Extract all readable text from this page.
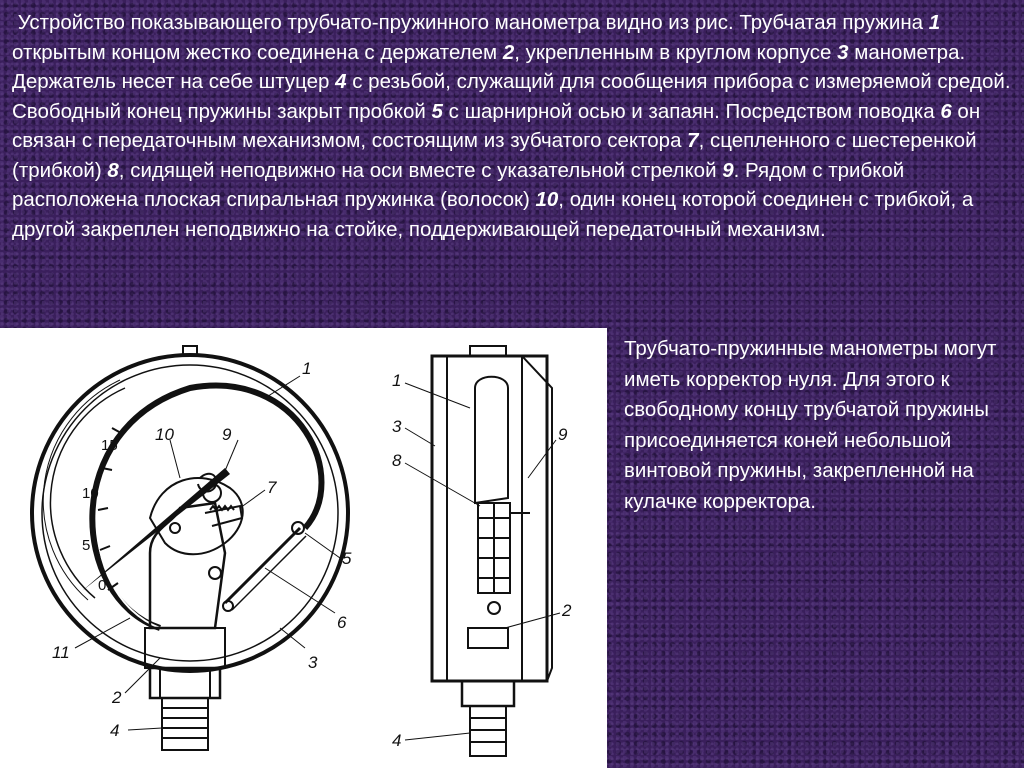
Устройство показывающего трубчато-пружинного манометра видно из рис. Трубчатая пружина 1 открытым концом жестко соединена с держателем 2, укрепленным в круглом корпусе 3 манометра. Держатель несет на себе штуцер 4 с резьбой, служащий для сообщения прибора с измеряемой средой. Свободный конец пружины закрыт пробкой 5 с шарнирной осью и запаян. Посредством поводка 6 он связан с передаточным механизмом, состоящим из зубчатого сектора 7, сцепленного с шестеренкой (трибкой) 8, сидящей неподвижно на оси вместе с указательной стрелкой 9. Рядом с трибкой расположена плоская спиральная пружинка (волосок) 10, один конец которой соединен с трибкой, а другой закреплен неподвижно на стойке, поддерживающей передаточный механизм.
15
10
5
0
1
9
10
7
5
6
3
11
2
4
1
3
8
9
2
4
Трубчато-пружинные манометры могут иметь корректор нуля. Для этого к свободному концу трубчатой пружины присоединяется коней небольшой винтовой пружины, закрепленной на кулачке корректора.
